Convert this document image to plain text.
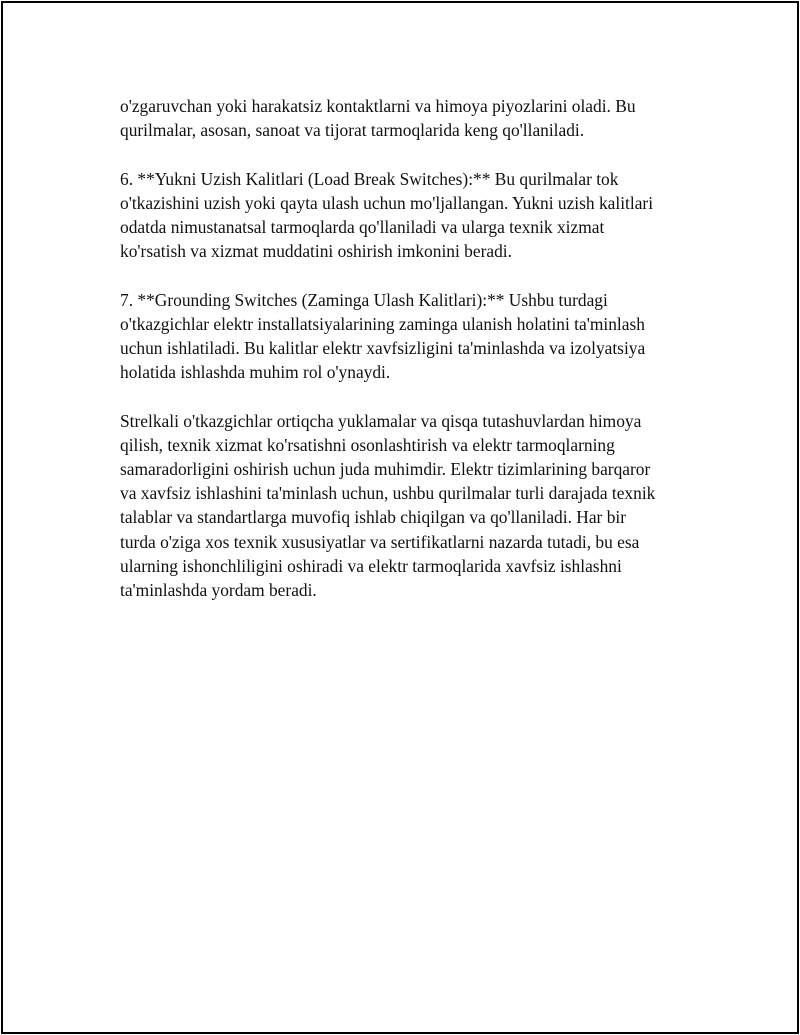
o'zgaruvchan yoki harakatsiz kontaktlarni va himoya piyozlarini oladi. Bu
qurilmalar, asosan, sanoat va tijorat tarmoqlarida keng qo'llaniladi.

6. **Yukni Uzish Kalitlari (Load Break Switches):** Bu qurilmalar tok
o'tkazishini uzish yoki qayta ulash uchun mo'ljallangan. Yukni uzish kalitlari
odatda nimustanatsal tarmoqlarda qo'llaniladi va ularga texnik xizmat
ko'rsatish va xizmat muddatini oshirish imkonini beradi.

7. **Grounding Switches (Zaminga Ulash Kalitlari):** Ushbu turdagi
o'tkazgichlar elektr installatsiyalarining zaminga ulanish holatini ta'minlash
uchun ishlatiladi. Bu kalitlar elektr xavfsizligini ta'minlashda va izolyatsiya
holatida ishlashda muhim rol o'ynaydi.

Strelkali o'tkazgichlar ortiqcha yuklamalar va qisqa tutashuvlardan himoya
qilish, texnik xizmat ko'rsatishni osonlashtirish va elektr tarmoqlarning
samaradorligini oshirish uchun juda muhimdir. Elektr tizimlarining barqaror
va xavfsiz ishlashini ta'minlash uchun, ushbu qurilmalar turli darajada texnik
talablar va standartlarga muvofiq ishlab chiqilgan va qo'llaniladi. Har bir
turda o'ziga xos texnik xususiyatlar va sertifikatlarni nazarda tutadi, bu esa
ularning ishonchliligini oshiradi va elektr tarmoqlarida xavfsiz ishlashni
ta'minlashda yordam beradi.
